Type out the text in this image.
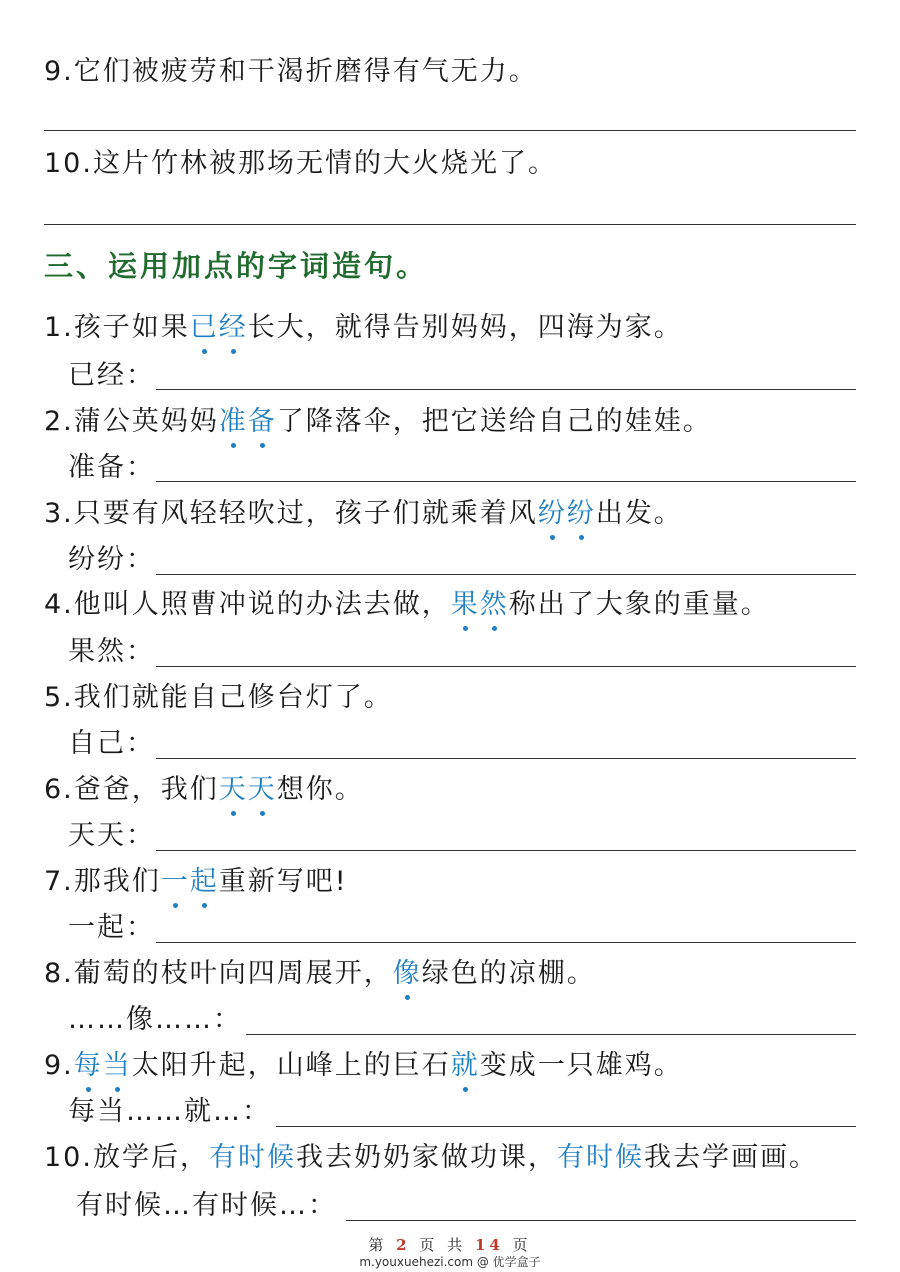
9.它们被疲劳和干渴折磨得有气无力。
10.这片竹林被那场无情的大火烧光了。
三、运用加点的字词造句。
1.孩子如果已经长大，就得告别妈妈，四海为家。
已经：
2.蒲公英妈妈准备了降落伞，把它送给自己的娃娃。
准备：
3.只要有风轻轻吹过，孩子们就乘着风纷纷出发。
纷纷：
4.他叫人照曹冲说的办法去做，果然称出了大象的重量。
果然：
5.我们就能自己修台灯了。
自己：
6.爸爸，我们天天想你。
天天：
7.那我们一起重新写吧!
一起：
8.葡萄的枝叶向四周展开，像绿色的凉棚。
……像……：
9.每当太阳升起，山峰上的巨石就变成一只雄鸡。
每当……就…：
10.放学后，有时候我去奶奶家做功课，有时候我去学画画。
有时候…有时候…：
第 2 页 共 14 页
m.youxuehezi.com @ 优学盒子
